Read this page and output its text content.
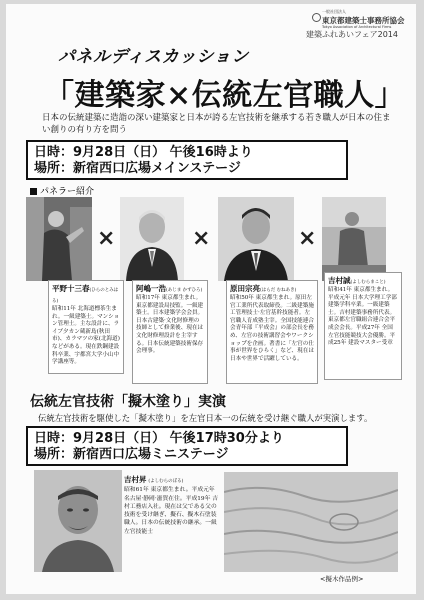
一般社団法人
東京都建築士事務所協会
Tokyo Association of Architectural Firms
建築ふれあいフェア2014
パネルディスカッション
「建築家×伝統左官職人」
日本の伝統建築に造詣の深い建築家と日本が誇る左官技術を継承する若き職人が日本の住まい創りの有り方を問う
日時：9月28日（日） 午後16時より
場所：新宿西口広場メインステージ
パネラー紹介
×	×	×
平野十三春(ひらのとみはる)
昭和11年 北海道標茶生まれ。一級建築士。マンション管理士。主な設計に、ライブ夕カン蔵新島(秋田市)、カラマツの家(北海道)などがある。現在鉄鋼建設科卒業、宇都宮大学小山中学講座等。
阿嶋一浩(あじま かずひろ)
昭和17年 東京都生まれ。東京都建設局技監。一級建築士。日本建築学会会員。日本古建築·文化財修理の技師として修業後、現在は文化財修理設計を主宰する。日本伝統建築技術保存会理事。
原田宗亮(はらだ むねあき)
昭和50年 東京都生まれ。原田左官工業所代表取締役。二級建築施工管理技士·左官基幹技能者。左官職人育成塾主宰。全国技能連合会青年部『平成会』の部会長を務め、左官の技術講習会やワークショップを企画。著書に「左官の仕事が世界をひらく」など、現在は日本や世界で活躍している。
吉村誠(よしむらまこと)
昭和41年 東京都生まれ。平成元年 日本大学理工学部建築学科卒業。一級建築士。吉村建築事務所代表。東京都左官職組合連合会平成会会長。平成27年 全国左官技能競技大会優勝。平成25年 建設マスター受章
伝統左官技術「擬木塗り」実演
伝統左官技術を駆使した「擬木塗り」を左官日本一の伝統を受け継ぐ職人が実演します。
日時：9月28日（日） 午後17時30分より
場所：新宿西口広場ミニステージ
吉村昇 (よしむらのぼる)
昭和61年 東京都生まれ。平成元年 名古屋·静岡·滋賀在住。平成19年 吉村工務店入社。現在は父である父の技術を受け継ぎ、擬石、擬木石塗装職人。日本の伝統技術の継承。一級左官技能士
<擬木作品例>
